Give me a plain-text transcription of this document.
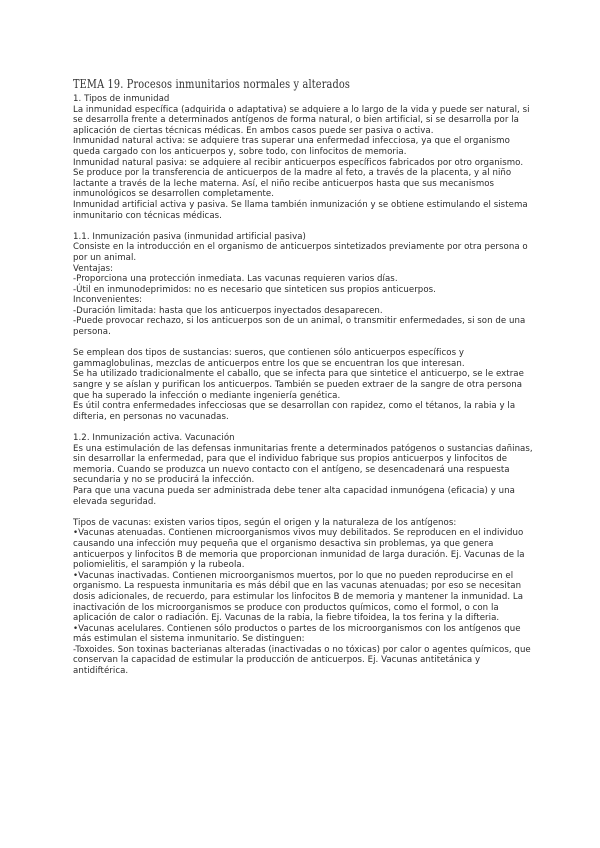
TEMA 19. Procesos inmunitarios normales y alterados

1. Tipos de inmunidad

La inmunidad específica (adquirida o adaptativa) se adquiere a lo largo de la vida y puede ser natural, si se desarrolla frente a determinados antígenos de forma natural, o bien artificial, si se desarrolla por la aplicación de ciertas técnicas médicas. En ambos casos puede ser pasiva o activa.

Inmunidad natural activa: se adquiere tras superar una enfermedad infecciosa, ya que el organismo queda cargado con los anticuerpos y, sobre todo, con linfocitos de memoria.

Inmunidad natural pasiva: se adquiere al recibir anticuerpos específicos fabricados por otro organismo. Se produce por la transferencia de anticuerpos de la madre al feto, a través de la placenta, y al niño lactante a través de la leche materna. Así, el niño recibe anticuerpos hasta que sus mecanismos inmunológicos se desarrollen completamente.

Inmunidad artificial activa y pasiva. Se llama también inmunización y se obtiene estimulando el sistema inmunitario con técnicas médicas.

1.1. Inmunización pasiva (inmunidad artificial pasiva)

Consiste en la introducción en el organismo de anticuerpos sintetizados previamente por otra persona o por un animal.

Ventajas:

-Proporciona una protección inmediata. Las vacunas requieren varios días.

-Útil en inmunodeprimidos: no es necesario que sinteticen sus propios anticuerpos.

Inconvenientes:

-Duración limitada: hasta que los anticuerpos inyectados desaparecen.

-Puede provocar rechazo, si los anticuerpos son de un animal, o transmitir enfermedades, si son de una persona.

Se emplean dos tipos de sustancias: sueros, que contienen sólo anticuerpos específicos y gammaglobulinas, mezclas de anticuerpos entre los que se encuentran los que interesan.

Se ha utilizado tradicionalmente el caballo, que se infecta para que sintetice el anticuerpo, se le extrae sangre y se aíslan y purifican los anticuerpos. También se pueden extraer de la sangre de otra persona que ha superado la infección o mediante ingeniería genética.

Es útil contra enfermedades infecciosas que se desarrollan con rapidez, como el tétanos, la rabia y la difteria, en personas no vacunadas.

1.2. Inmunización activa. Vacunación

Es una estimulación de las defensas inmunitarias frente a determinados patógenos o sustancias dañinas, sin desarrollar la enfermedad, para que el individuo fabrique sus propios anticuerpos y linfocitos de memoria. Cuando se produzca un nuevo contacto con el antígeno, se desencadenará una respuesta secundaria y no se producirá la infección.

Para que una vacuna pueda ser administrada debe tener alta capacidad inmunógena (eficacia) y una elevada seguridad.

Tipos de vacunas: existen varios tipos, según el origen y la naturaleza de los antígenos:

•Vacunas atenuadas. Contienen microorganismos vivos muy debilitados. Se reproducen en el individuo causando una infección muy pequeña que el organismo desactiva sin problemas, ya que genera anticuerpos y linfocitos B de memoria que proporcionan inmunidad de larga duración. Ej. Vacunas de la poliomielitis, el sarampión y la rubeola.

•Vacunas inactivadas. Contienen microorganismos muertos, por lo que no pueden reproducirse en el organismo. La respuesta inmunitaria es más débil que en las vacunas atenuadas; por eso se necesitan dosis adicionales, de recuerdo, para estimular los linfocitos B de memoria y mantener la inmunidad. La inactivación de los microorganismos se produce con productos químicos, como el formol, o con la aplicación de calor o radiación. Ej. Vacunas de la rabia, la fiebre tifoidea, la tos ferina y la difteria.

•Vacunas acelulares. Contienen sólo productos o partes de los microorganismos con los antígenos que más estimulan el sistema inmunitario. Se distinguen:

-Toxoides. Son toxinas bacterianas alteradas (inactivadas o no tóxicas) por calor o agentes químicos, que conservan la capacidad de estimular la producción de anticuerpos. Ej. Vacunas antitetánica y antidiftérica.
